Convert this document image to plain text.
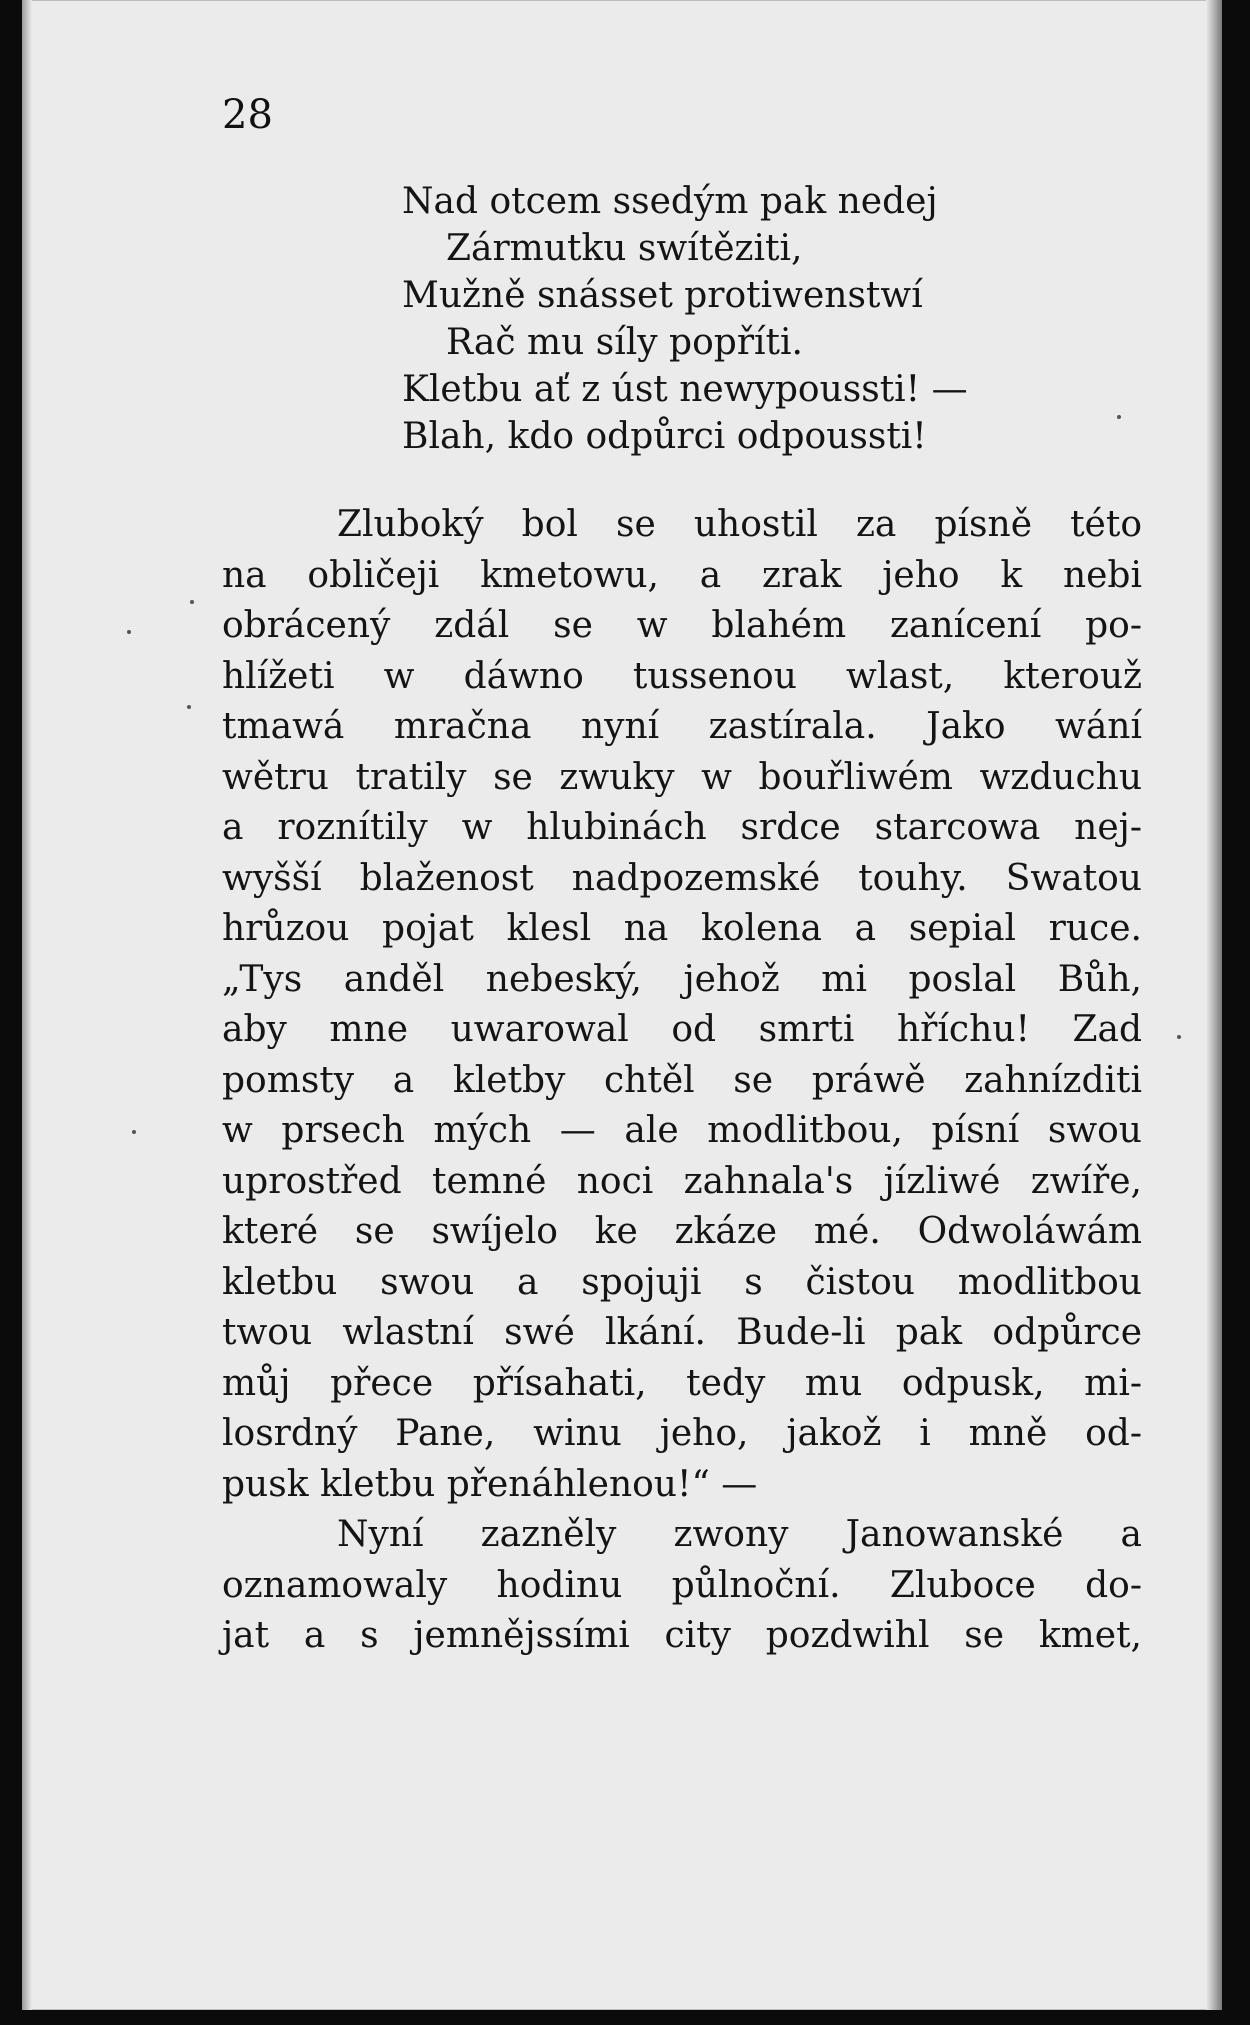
28

Nad otcem ssedým pak nedej
Zármutku swítěziti,
Mužně snásset protiwenstwí
Rač mu síly popříti.
Kletbu ať z úst newypoussti! —
Blah, kdo odpůrci odpoussti!
Zluboký bol se uhostil za písně této
na obličeji kmetowu, a zrak jeho k nebi
obrácený zdál se w blahém zanícení po-
hlížeti w dáwno tussenou wlast, kterouž
tmawá mračna nyní zastírala. Jako wání
wětru tratily se zwuky w bouřliwém wzduchu
a roznítily w hlubinách srdce starcowa nej-
wyšší blaženost nadpozemské touhy. Swatou
hrůzou pojat klesl na kolena a sepial ruce.
„Tys anděl nebeský, jehož mi poslal Bůh,
aby mne uwarowal od smrti hříchu! Zad
pomsty a kletby chtěl se práwě zahnízditi
w prsech mých — ale modlitbou, písní swou
uprostřed temné noci zahnala's jízliwé zwíře,
které se swíjelo ke zkáze mé. Odwoláwám
kletbu swou a spojuji s čistou modlitbou
twou wlastní swé lkání. Bude-li pak odpůrce
můj přece přísahati, tedy mu odpusk, mi-
losrdný Pane, winu jeho, jakož i mně od-
pusk kletbu přenáhlenou!“ —
Nyní zazněly zwony Janowanské a
oznamowaly hodinu půlnoční. Zluboce do-
jat a s jemnějssími city pozdwihl se kmet,
